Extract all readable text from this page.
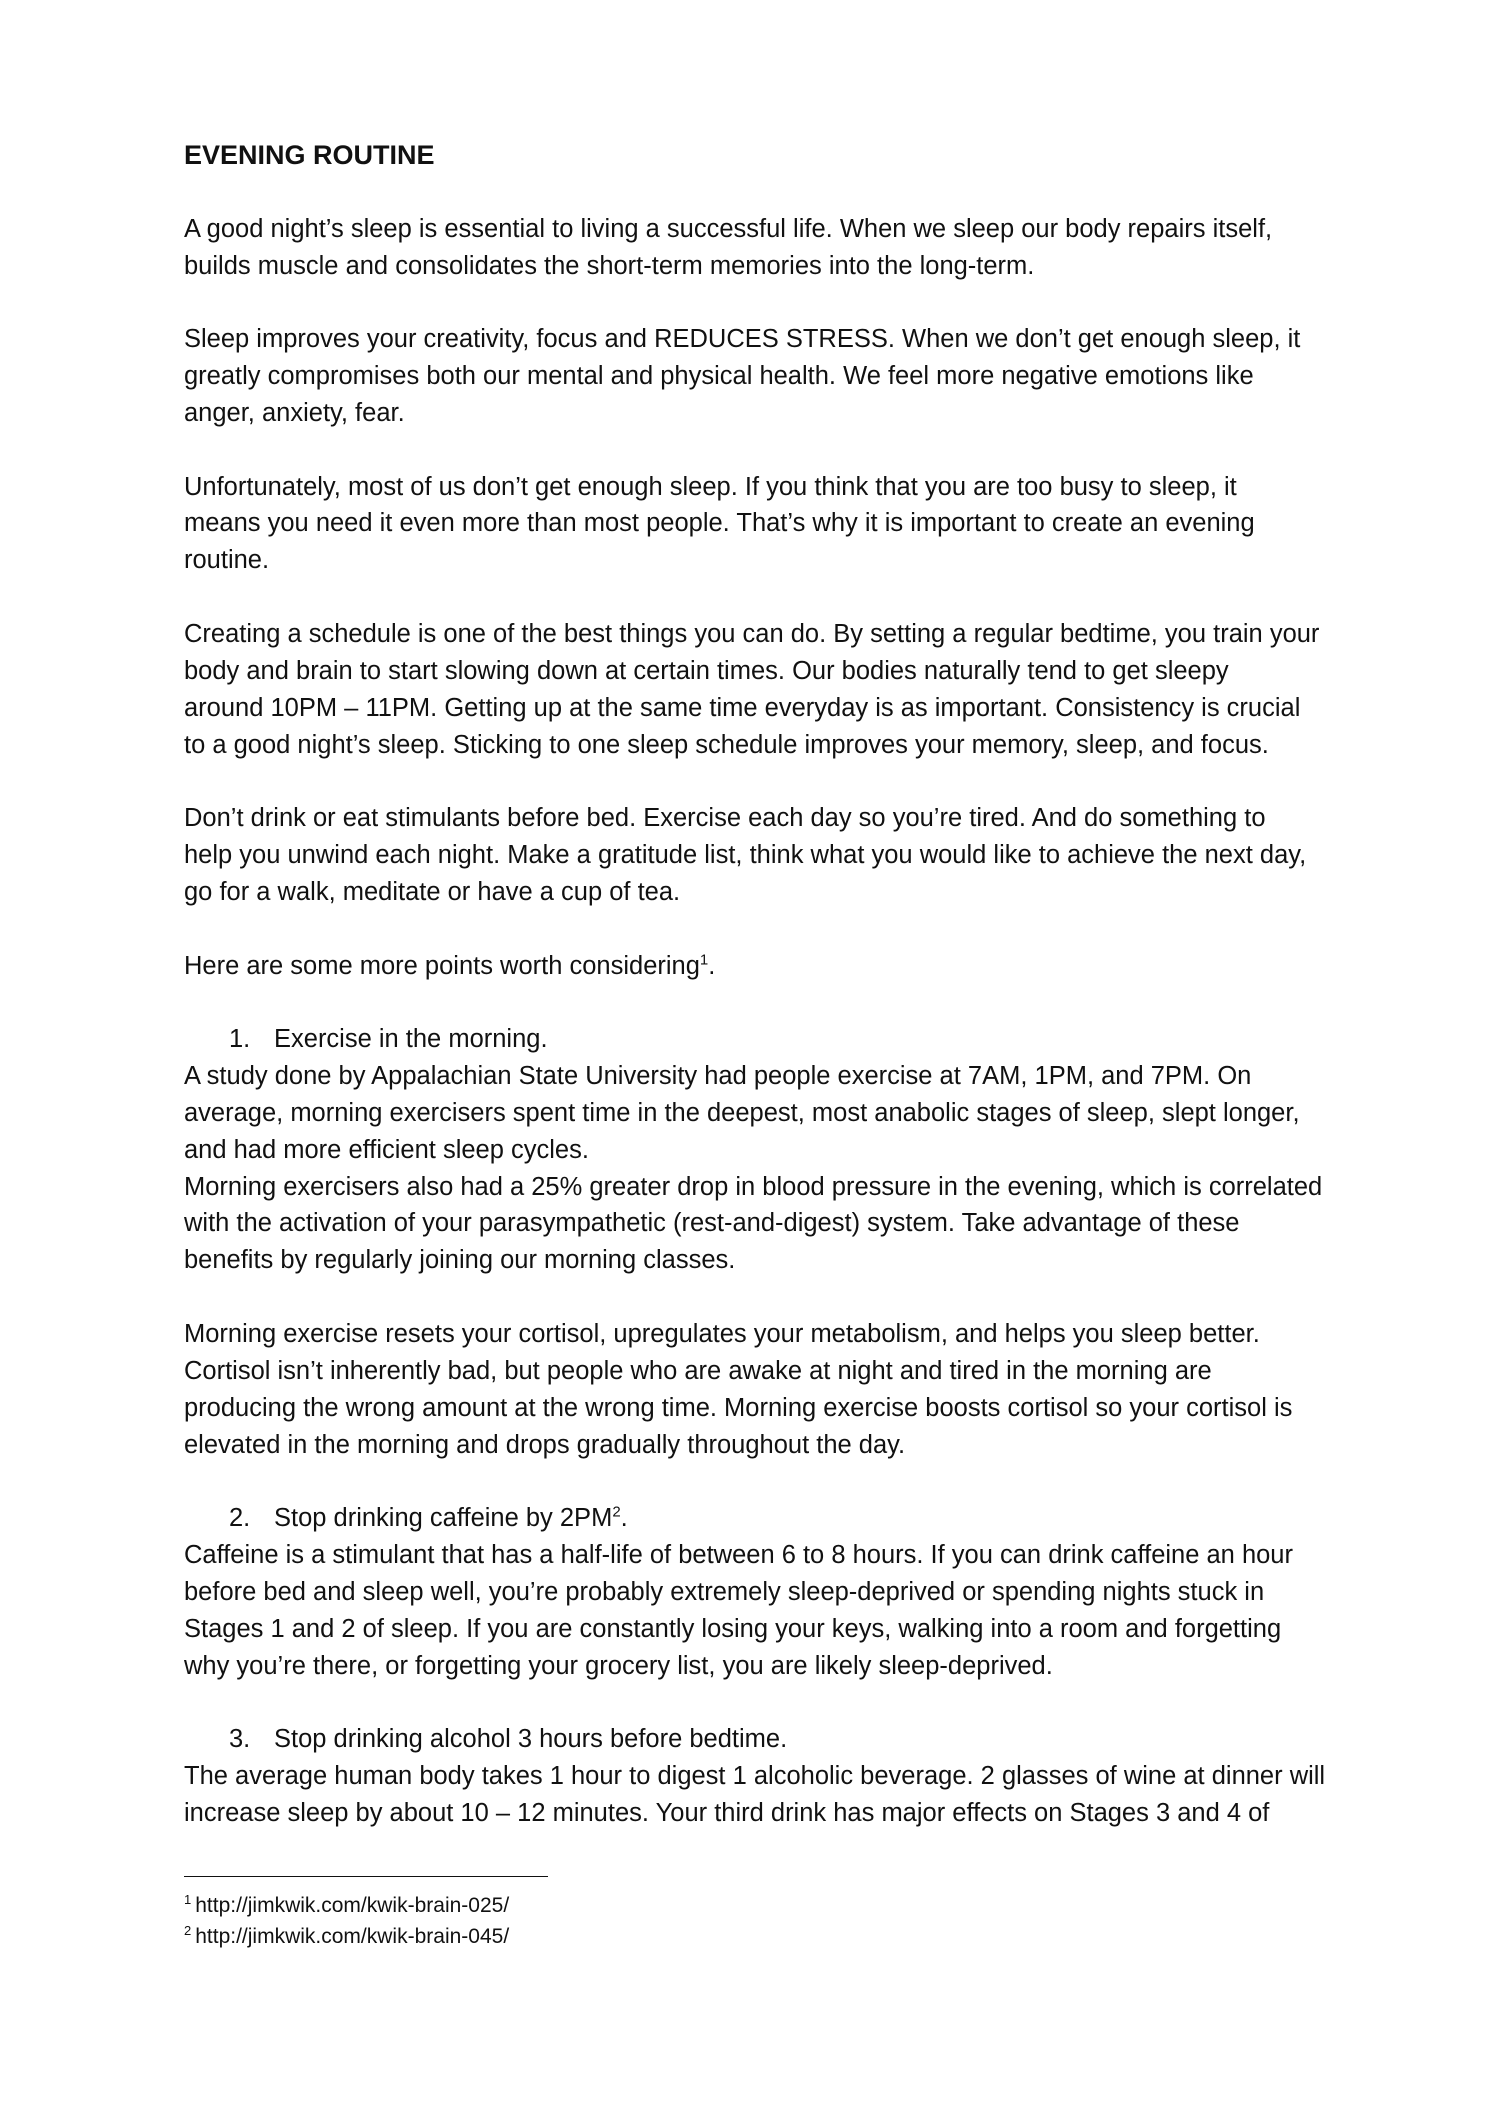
EVENING ROUTINE
A good night’s sleep is essential to living a successful life. When we sleep our body repairs itself,
builds muscle and consolidates the short-term memories into the long-term.
Sleep improves your creativity, focus and REDUCES STRESS. When we don’t get enough sleep, it
greatly compromises both our mental and physical health. We feel more negative emotions like
anger, anxiety, fear.
Unfortunately, most of us don’t get enough sleep. If you think that you are too busy to sleep, it
means you need it even more than most people. That’s why it is important to create an evening
routine.
Creating a schedule is one of the best things you can do. By setting a regular bedtime, you train your
body and brain to start slowing down at certain times. Our bodies naturally tend to get sleepy
around 10PM – 11PM. Getting up at the same time everyday is as important. Consistency is crucial
to a good night’s sleep. Sticking to one sleep schedule improves your memory, sleep, and focus.
Don’t drink or eat stimulants before bed. Exercise each day so you’re tired. And do something to
help you unwind each night. Make a gratitude list, think what you would like to achieve the next day,
go for a walk, meditate or have a cup of tea.
Here are some more points worth considering$^1$.
1. Exercise in the morning.
A study done by Appalachian State University had people exercise at 7AM, 1PM, and 7PM. On
average, morning exercisers spent time in the deepest, most anabolic stages of sleep, slept longer,
and had more efficient sleep cycles.
Morning exercisers also had a 25% greater drop in blood pressure in the evening, which is correlated
with the activation of your parasympathetic (rest-and-digest) system. Take advantage of these
benefits by regularly joining our morning classes.
Morning exercise resets your cortisol, upregulates your metabolism, and helps you sleep better.
Cortisol isn’t inherently bad, but people who are awake at night and tired in the morning are
producing the wrong amount at the wrong time. Morning exercise boosts cortisol so your cortisol is
elevated in the morning and drops gradually throughout the day.
2. Stop drinking caffeine by $2PM^2$.
Caffeine is a stimulant that has a half-life of between 6 to 8 hours. If you can drink caffeine an hour
before bed and sleep well, you’re probably extremely sleep-deprived or spending nights stuck in
Stages 1 and 2 of sleep. If you are constantly losing your keys, walking into a room and forgetting
why you’re there, or forgetting your grocery list, you are likely sleep-deprived.
3. Stop drinking alcohol 3 hours before bedtime.
The average human body takes 1 hour to digest 1 alcoholic beverage. 2 glasses of wine at dinner will
increase sleep by about 10 – 12 minutes. Your third drink has major effects on Stages 3 and 4 of
$^1$ http://jimkwik.com/kwik-brain-025/
$^2$ http://jimkwik.com/kwik-brain-045/
